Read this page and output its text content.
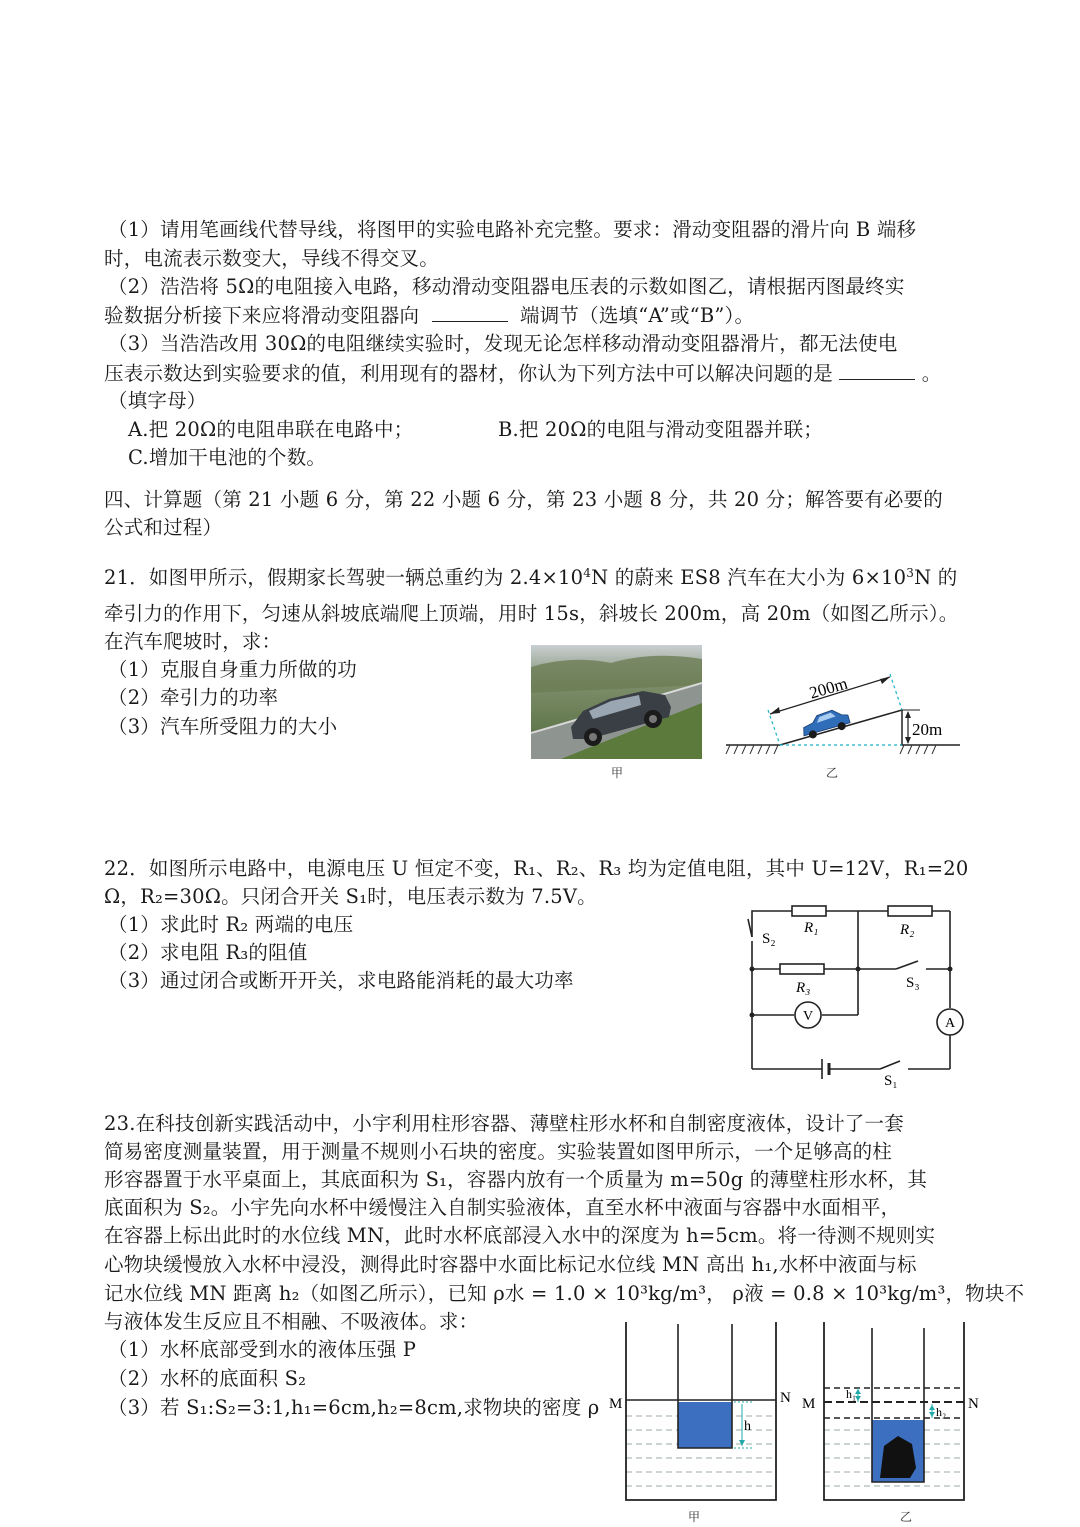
（1）请用笔画线代替导线，将图甲的实验电路补充完整。要求：滑动变阻器的滑片向 B 端移
时，电流表示数变大，导线不得交叉。
（2）浩浩将 5Ω的电阻接入电路，移动滑动变阻器电压表的示数如图乙，请根据丙图最终实
验数据分析接下来应将滑动变阻器向	端调节（选填“A”或“B”）。
（3）当浩浩改用 30Ω的电阻继续实验时，发现无论怎样移动滑动变阻器滑片，都无法使电
压表示数达到实验要求的值，利用现有的器材，你认为下列方法中可以解决问题的是	。
（填字母）
A.把 20Ω的电阻串联在电路中；	B.把 20Ω的电阻与滑动变阻器并联；
C.增加干电池的个数。
四、计算题（第 21 小题 6 分，第 22 小题 6 分，第 23 小题 8 分，共 20 分；解答要有必要的
公式和过程）
21．如图甲所示，假期家长驾驶一辆总重约为 $2.4\times 10^4N$ 的蔚来 ES8 汽车在大小为 $6\times 10^3N$ 的
牵引力的作用下，匀速从斜坡底端爬上顶端，用时 15s，斜坡长 200m，高 20m（如图乙所示）。
在汽车爬坡时，求：
（1）克服自身重力所做的功
（2）牵引力的功率
（3）汽车所受阻力的大小
甲
200m
20m
乙
22．如图所示电路中，电源电压 U 恒定不变，R₁、R₂、R₃ 均为定值电阻，其中 U=12V，R₁=20
Ω，R₂=30Ω。只闭合开关 S₁时，电压表示数为 7.5V。
（1）求此时 R₂ 两端的电压
（2）求电阻 R₃的阻值
（3）通过闭合或断开开关，求电路能消耗的最大功率
R₁	R₂
R₃
S₂
S₃
S₁
V	A
23.在科技创新实践活动中，小宇利用柱形容器、薄壁柱形水杯和自制密度液体，设计了一套
简易密度测量装置，用于测量不规则小石块的密度。实验装置如图甲所示，一个足够高的柱
形容器置于水平桌面上，其底面积为 S₁，容器内放有一个质量为 m=50g 的薄壁柱形水杯，其
底面积为 S₂。小宇先向水杯中缓慢注入自制实验液体，直至水杯中液面与容器中水面相平，
在容器上标出此时的水位线 MN，此时水杯底部浸入水中的深度为 h=5cm。将一待测不规则实
心物块缓慢放入水杯中浸没，测得此时容器中水面比标记水位线 MN 高出 h₁,水杯中液面与标
记水位线 MN 距离 h₂（如图乙所示），已知 ρ水 = 1.0 × 10³kg/m³， ρ液 = 0.8 × 10³kg/m³，物块不
与液体发生反应且不相融、不吸液体。求：
（1）水杯底部受到水的液体压强 P
（2）水杯的底面积 S₂
（3）若 S₁:S₂=3:1,h₁=6cm,h₂=8cm,求物块的密度 ρ M	N
h
甲
M	N
h₁
h₂
乙
